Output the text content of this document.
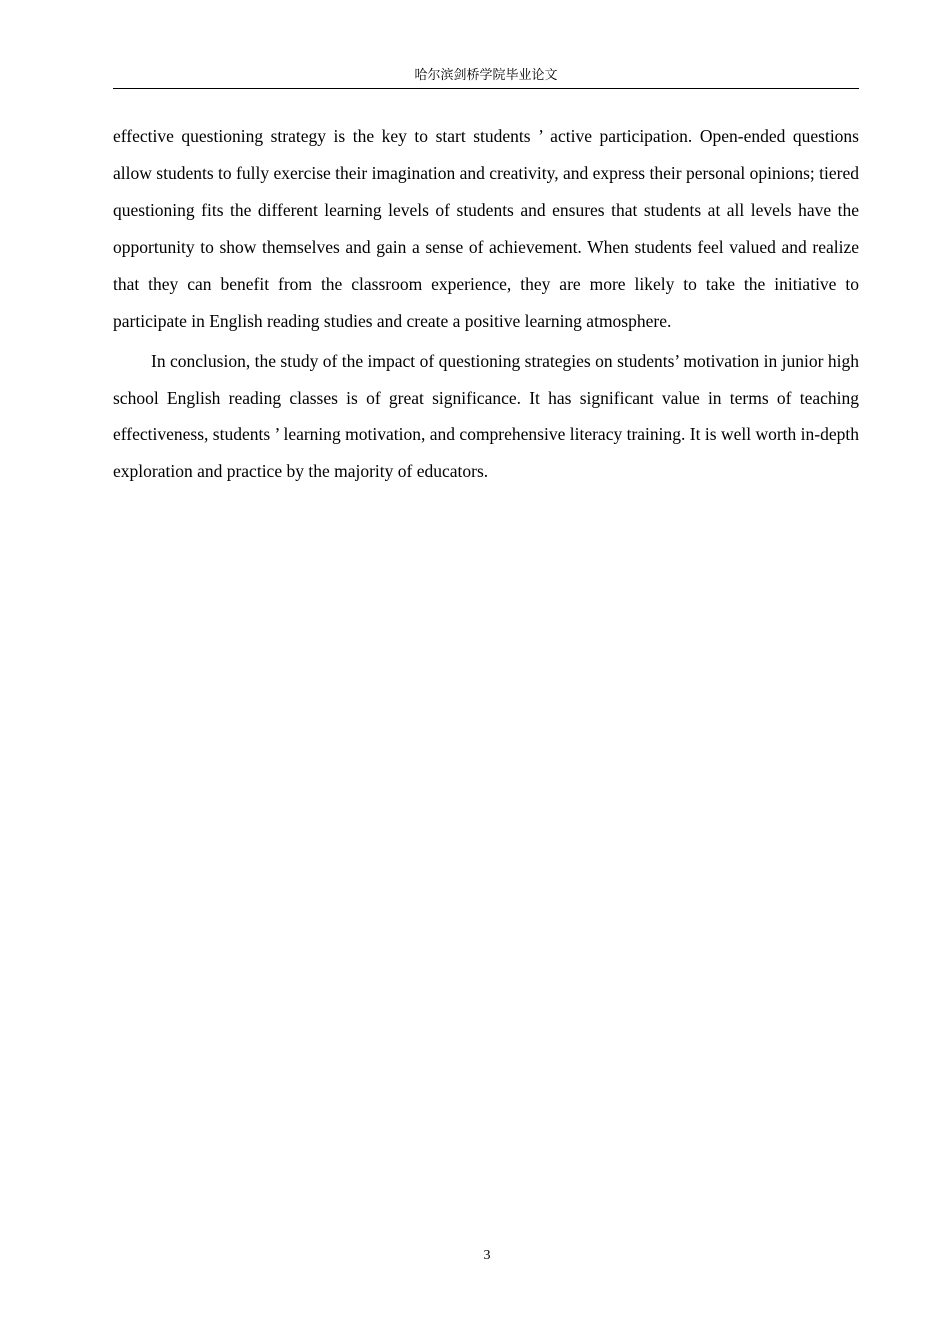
哈尔滨剑桥学院毕业论文

effective questioning strategy is the key to start students ’ active participation. Open-ended questions allow students to fully exercise their imagination and creativity, and express their personal opinions; tiered questioning fits the different learning levels of students and ensures that students at all levels have the opportunity to show themselves and gain a sense of achievement. When students feel valued and realize that they can benefit from the classroom experience, they are more likely to take the initiative to participate in English reading studies and create a positive learning atmosphere.

In conclusion, the study of the impact of questioning strategies on students’ motivation in junior high school English reading classes is of great significance. It has significant value in terms of teaching effectiveness, students ’ learning motivation, and comprehensive literacy training. It is well worth in-depth exploration and practice by the majority of educators.

3
